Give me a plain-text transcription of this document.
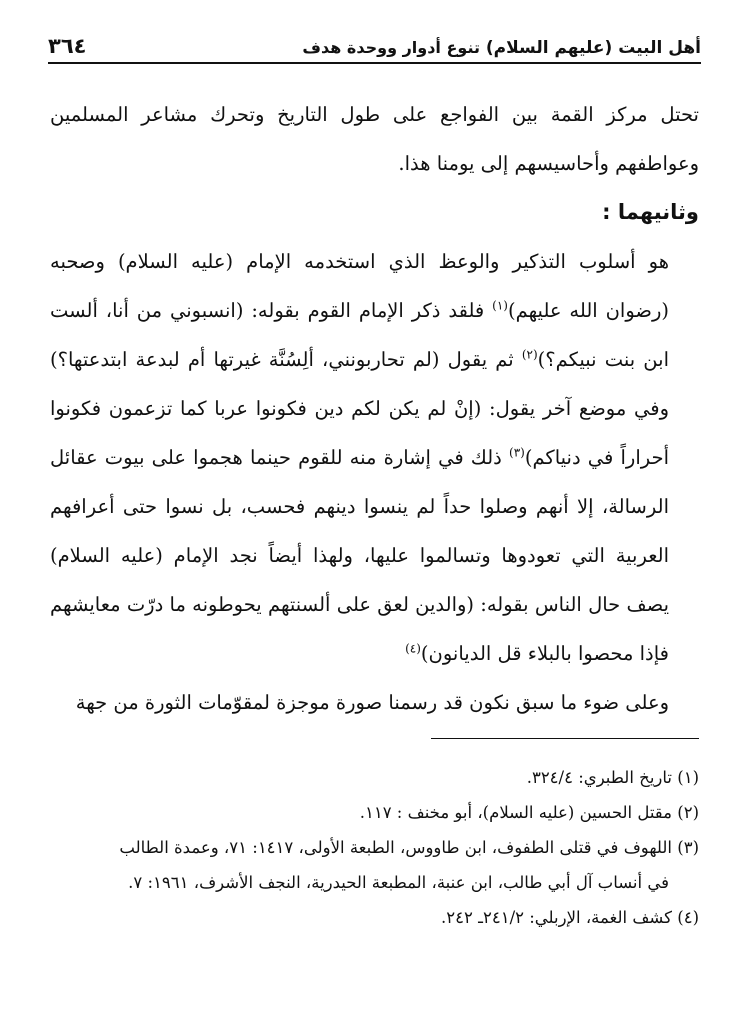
أهل البيت (عليهم السلام) تنوع أدوار ووحدة هدف
٣٦٤

تحتل مركز القمة بين الفواجع على طول التاريخ وتحرك مشاعر المسلمين وعواطفهم وأحاسيسهم إلى يومنا هذا.

وثانيهما :

هو أسلوب التذكير والوعظ الذي استخدمه الإمام (عليه السلام) وصحبه (رضوان الله عليهم)$^{(١)}$ فلقد ذكر الإمام القوم بقوله: (انسبوني من أنا، ألست ابن بنت نبيكم؟)$^{(٢)}$ ثم يقول (لم تحاربونني، ألِسُنَّة غيرتها أم لبدعة ابتدعتها؟) وفي موضع آخر يقول: (إنْ لم يكن لكم دين فكونوا عربا كما تزعمون فكونوا أحراراً في دنياكم)$^{(٣)}$ ذلك في إشارة منه للقوم حينما هجموا على بيوت عقائل الرسالة، إلا أنهم وصلوا حداً لم ينسوا دينهم فحسب، بل نسوا حتى أعرافهم العربية التي تعودوها وتسالموا عليها، ولهذا أيضاً نجد الإمام (عليه السلام) يصف حال الناس بقوله: (والدين لعق على ألسنتهم يحوطونه ما درّت معايشهم فإذا محصوا بالبلاء قل الديانون)$^{(٤)}$

وعلى ضوء ما سبق نكون قد رسمنا صورة موجزة لمقوّمات الثورة من جهة

(١) تاريخ الطبري: ٣٢٤/٤.

(٢) مقتل الحسين (عليه السلام)، أبو مخنف : ١١٧.

(٣) اللهوف في قتلى الطفوف، ابن طاووس، الطبعة الأولى، ١٤١٧: ٧١، وعمدة الطالب

في أنساب آل أبي طالب، ابن عنبة، المطبعة الحيدرية، النجف الأشرف، ١٩٦١: ٧.

(٤) كشف الغمة، الإربلي: ٢٤١/٢ـ ٢٤٢.
